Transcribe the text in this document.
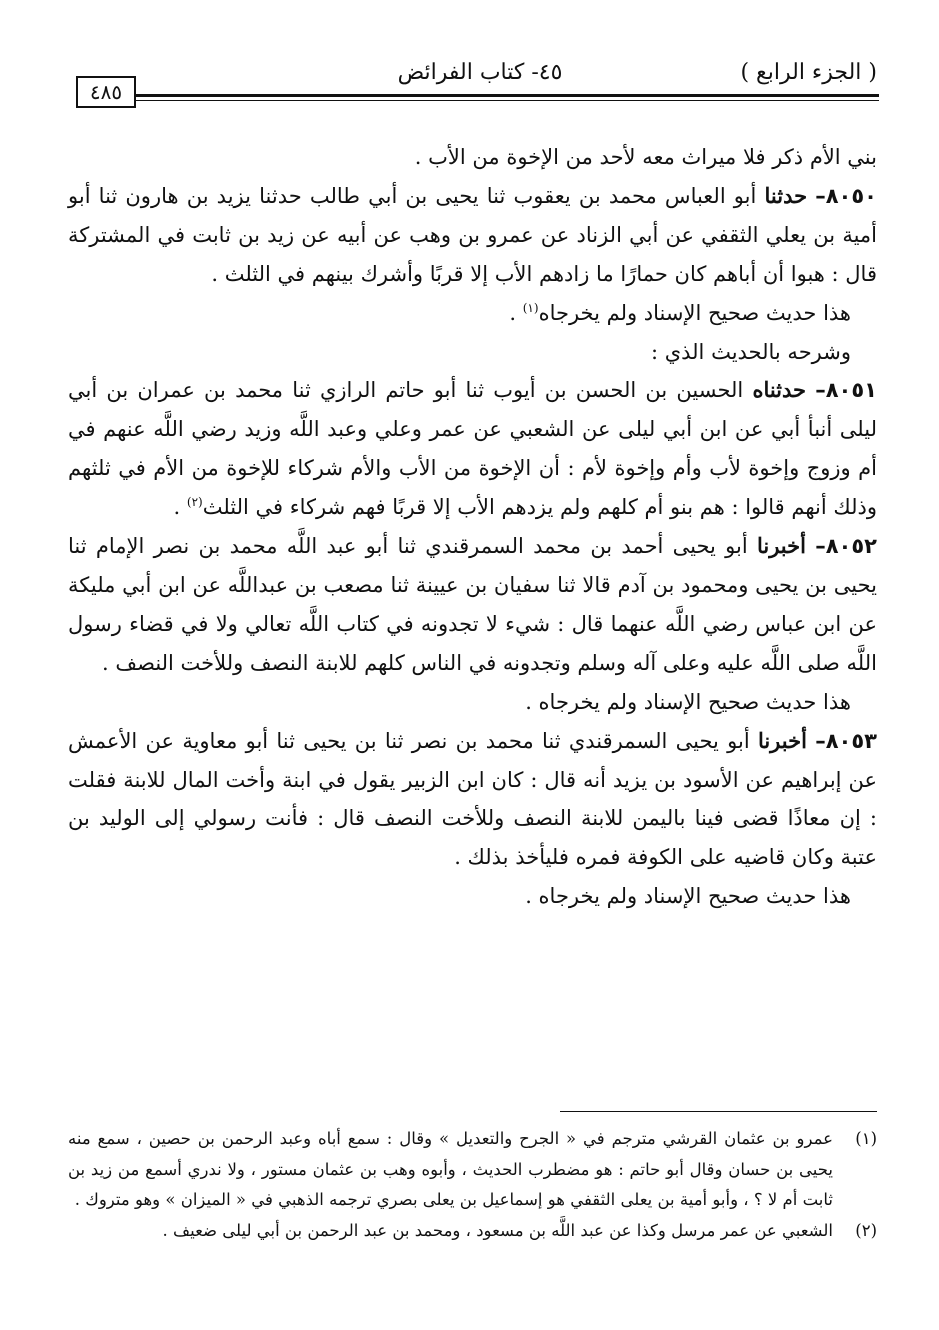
( الجزء الرابع )
٤٥- كتاب الفرائض
٤٨٥

بني الأم ذكر فلا ميراث معه لأحد من الإخوة من الأب .

٨٠٥٠– حدثنا أبو العباس محمد بن يعقوب ثنا يحيى بن أبي طالب حدثنا يزيد بن هارون ثنا أبو أمية بن يعلي الثقفي عن أبي الزناد عن عمرو بن وهب عن أبيه عن زيد بن ثابت في المشتركة قال : هبوا أن أباهم كان حمارًا ما زادهم الأب إلا قربًا وأشرك بينهم في الثلث .

هذا حديث صحيح الإسناد ولم يخرجاه$^{(١)}$ .

وشرحه بالحديث الذي :

٨٠٥١– حدثناه الحسين بن الحسن بن أيوب ثنا أبو حاتم الرازي ثنا محمد بن عمران بن أبي ليلى أنبأ أبي عن ابن أبي ليلى عن الشعبي عن عمر وعلي وعبد اللَّه وزيد رضي اللَّه عنهم في أم وزوج وإخوة لأب وأم وإخوة لأم : أن الإخوة من الأب والأم شركاء للإخوة من الأم في ثلثهم وذلك أنهم قالوا : هم بنو أم كلهم ولم يزدهم الأب إلا قربًا فهم شركاء في الثلث$^{(٢)}$ .

٨٠٥٢– أخبرنا أبو يحيى أحمد بن محمد السمرقندي ثنا أبو عبد اللَّه محمد بن نصر الإمام ثنا يحيى بن يحيى ومحمود بن آدم قالا ثنا سفيان بن عيينة ثنا مصعب بن عبداللَّه عن ابن أبي مليكة عن ابن عباس رضي اللَّه عنهما قال : شيء لا تجدونه في كتاب اللَّه تعالي ولا في قضاء رسول اللَّه صلى اللَّه عليه وعلى آله وسلم وتجدونه في الناس كلهم للابنة النصف وللأخت النصف .

هذا حديث صحيح الإسناد ولم يخرجاه .

٨٠٥٣– أخبرنا أبو يحيى السمرقندي ثنا محمد بن نصر ثنا بن يحيى ثنا أبو معاوية عن الأعمش عن إبراهيم عن الأسود بن يزيد أنه قال : كان ابن الزبير يقول في ابنة وأخت المال للابنة فقلت : إن معاذًا قضى فينا باليمن للابنة النصف وللأخت النصف قال : فأنت رسولي إلى الوليد بن عتبة وكان قاضيه على الكوفة فمره فليأخذ بذلك .

هذا حديث صحيح الإسناد ولم يخرجاه .

(١)
عمرو بن عثمان القرشي مترجم في « الجرح والتعديل » وقال : سمع أباه وعبد الرحمن بن حصين ، سمع منه يحيى بن حسان وقال أبو حاتم : هو مضطرب الحديث ، وأبوه وهب بن عثمان مستور ، ولا ندري أسمع من زيد بن ثابت أم لا ؟ ، وأبو أمية بن يعلى الثقفي هو إسماعيل بن يعلى بصري ترجمه الذهبي في « الميزان » وهو متروك .

(٢)
الشعبي عن عمر مرسل وكذا عن عبد اللَّه بن مسعود ، ومحمد بن عبد الرحمن بن أبي ليلى ضعيف .
